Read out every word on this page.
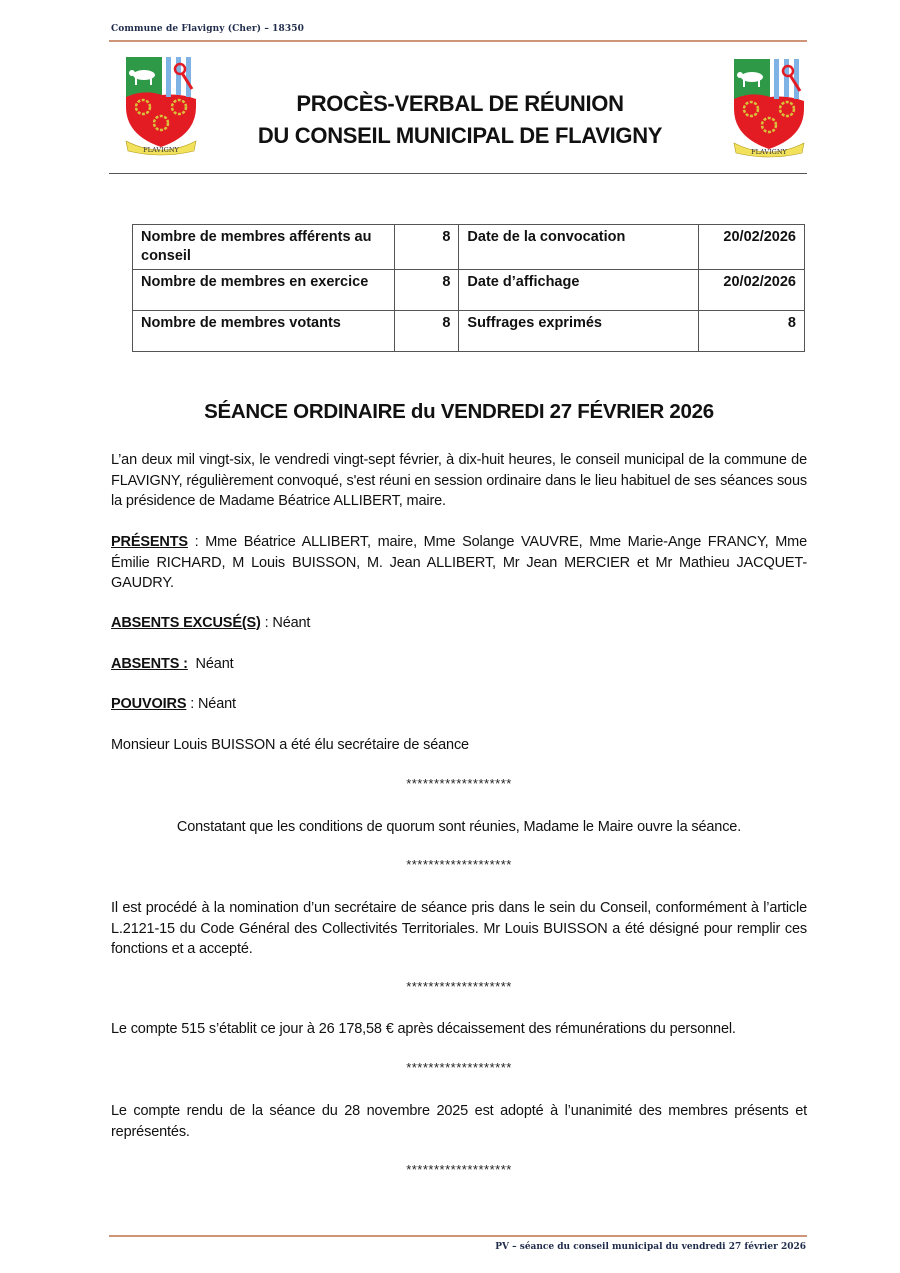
Commune de Flavigny (Cher) – 18350
FLAVIGNY
PROCÈS-VERBAL DE RÉUNION
DU CONSEIL MUNICIPAL DE FLAVIGNY
FLAVIGNY
Nombre de membres afférents au conseil	8	Date de la convocation	20/02/2026
Nombre de membres en exercice	8	Date d’affichage	20/02/2026
Nombre de membres votants	8	Suffrages exprimés	8
SÉANCE ORDINAIRE du VENDREDI 27 FÉVRIER 2026
L’an deux mil vingt-six, le vendredi vingt-sept février, à dix-huit heures, le conseil municipal de la commune de FLAVIGNY, régulièrement convoqué, s'est réuni en session ordinaire dans le lieu habituel de ses séances sous la présidence de Madame Béatrice ALLIBERT, maire.
PRÉSENTS : Mme Béatrice ALLIBERT, maire, Mme Solange VAUVRE, Mme Marie-Ange FRANCY, Mme Émilie RICHARD, M Louis BUISSON, M. Jean ALLIBERT, Mr Jean MERCIER et Mr Mathieu JACQUET-GAUDRY.
ABSENTS EXCUSÉ(S) : Néant
ABSENTS :  Néant
POUVOIRS : Néant
Monsieur Louis BUISSON a été élu secrétaire de séance
*******************
Constatant que les conditions de quorum sont réunies, Madame le Maire ouvre la séance.
*******************
Il est procédé à la nomination d’un secrétaire de séance pris dans le sein du Conseil, conformément à l’article L.2121-15 du Code Général des Collectivités Territoriales. Mr Louis BUISSON a été désigné pour remplir ces fonctions et a accepté.
*******************
Le compte 515 s’établit ce jour à 26 178,58 € après décaissement des rémunérations du personnel.
*******************
Le compte rendu de la séance du 28 novembre 2025 est adopté à l’unanimité des membres présents et représentés.
*******************
PV – séance du conseil municipal du vendredi 27 février 2026
